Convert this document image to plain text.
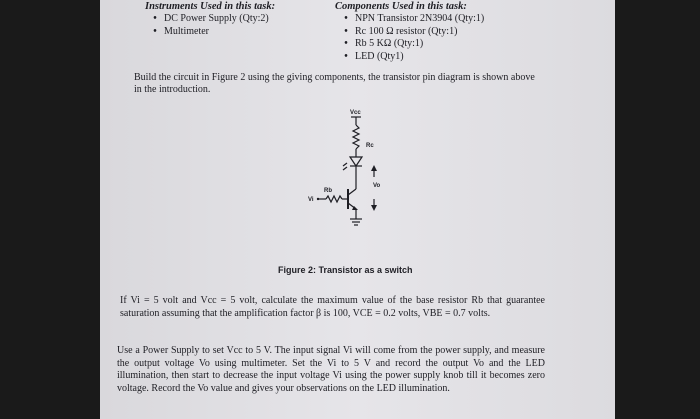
Instruments Used in this task:
• DC Power Supply (Qty:2)
• Multimeter
Components Used in this task:
• NPN Transistor 2N3904 (Qty:1)
• Rc 100 Ω resistor (Qty:1)
• Rb 5 KΩ (Qty:1)
• LED (Qty1)
Build the circuit in Figure 2 using the giving components, the transistor pin diagram is shown above in the introduction.
Vcc
Rc
Rb
Vi
Vo
Figure 2: Transistor as a switch
If Vi = 5 volt and Vcc = 5 volt, calculate the maximum value of the base resistor Rb that guarantee saturation assuming that the amplification factor β is 100, VCE = 0.2 volts, VBE = 0.7 volts.
Use a Power Supply to set Vcc to 5 V. The input signal Vi will come from the power supply, and measure the output voltage Vo using multimeter. Set the Vi to 5 V and record the output Vo and the LED illumination, then start to decrease the input voltage Vi using the power supply knob till it becomes zero voltage. Record the Vo value and gives your observations on the LED illumination.
